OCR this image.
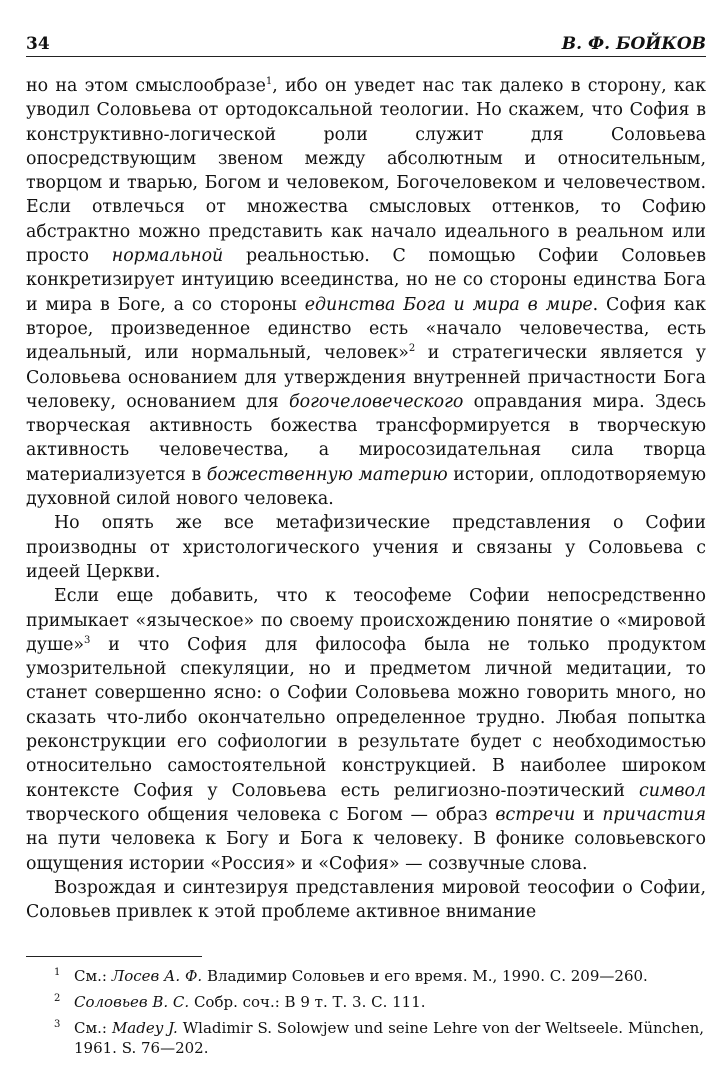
34	В. Ф. БОЙКОВ

но на этом смыслообразе$^1$, ибо он уведет нас так далеко в сторону, как уводил Соловьева от ортодоксальной теологии. Но скажем, что София в конструктивно-логической роли служит для Соловьева опосредствующим звеном между абсолютным и относительным, творцом и тварью, Богом и человеком, Богочеловеком и человечеством. Если отвлечься от множества смысловых оттенков, то Софию абстрактно можно представить как начало идеального в реальном или просто нормальной реальностью. С помощью Софии Соловьев конкретизирует интуицию всеединства, но не со стороны единства Бога и мира в Боге, а со стороны единства Бога и мира в мире. София как второе, произведенное единство есть «начало человечества, есть идеальный, или нормальный, человек»$^2$ и стратегически является у Соловьева основанием для утверждения внутренней причастности Бога человеку, основанием для богочеловеческого оправдания мира. Здесь творческая активность божества трансформируется в творческую активность человечества, а миросозидательная сила творца материализуется в божественную материю истории, оплодотворяемую духовной силой нового человека.

Но опять же все метафизические представления о Софии производны от христологического учения и связаны у Соловьева с идеей Церкви.

Если еще добавить, что к теософеме Софии непосредственно примыкает «языческое» по своему происхождению понятие о «мировой душе»$^3$ и что София для философа была не только продуктом умозрительной спекуляции, но и предметом личной медитации, то станет совершенно ясно: о Софии Соловьева можно говорить много, но сказать что-либо окончательно определенное трудно. Любая попытка реконструкции его софиологии в результате будет с необходимостью относительно самостоятельной конструкцией. В наиболее широком контексте София у Соловьева есть религиозно-поэтический символ творческого общения человека с Богом — образ встречи и причастия на пути человека к Богу и Бога к человеку. В фонике соловьевского ощущения истории «Россия» и «София» — созвучные слова.

Возрождая и синтезируя представления мировой теософии о Софии, Соловьев привлек к этой проблеме активное внимание

1 См.: Лосев А. Ф. Владимир Соловьев и его время. М., 1990. С. 209—260.
2 Соловьев В. С. Собр. соч.: В 9 т. Т. 3. С. 111.
3 См.: Madey J. Wladimir S. Solowjew und seine Lehre von der Weltseele. München, 1961. S. 76—202.
